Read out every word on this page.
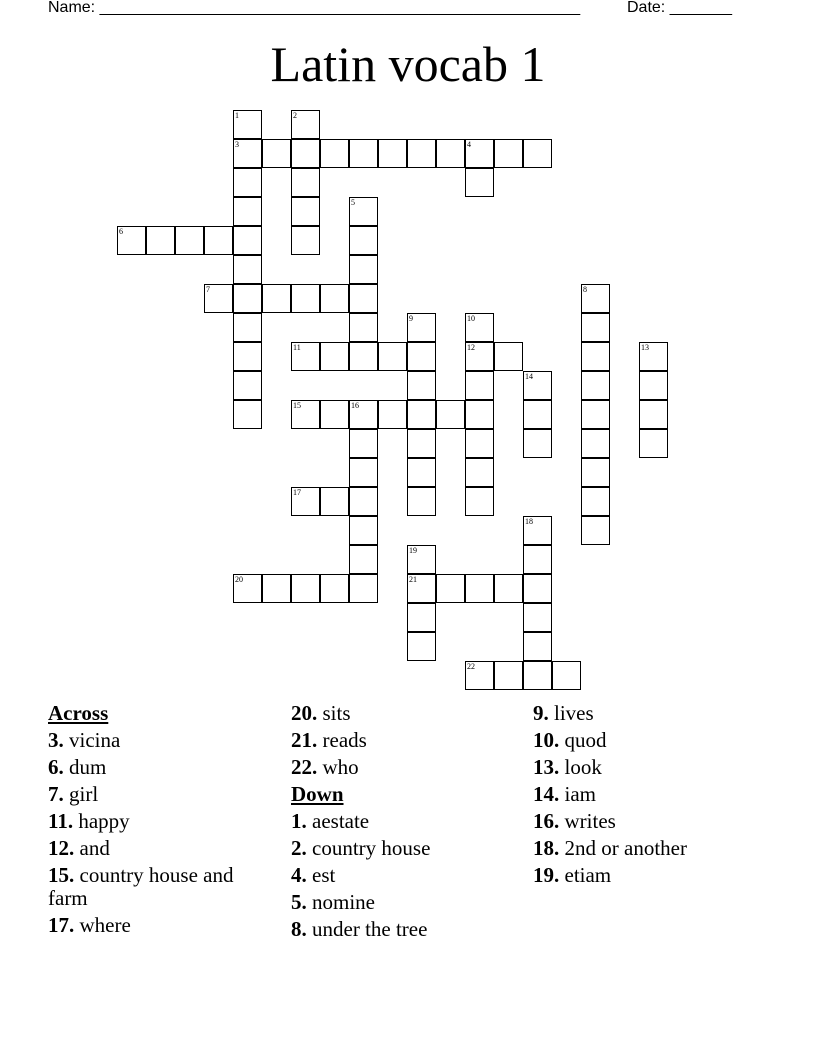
Name: ______________________________________________________	Date: _______
Latin vocab 1
1
3
2
4
5
6
7	8
9	10
12
11	13
14
15	16
17
18
19
21
20
22
Across
3. vicina
6. dum
7. girl
11. happy
12. and
15. country house and farm
17. where
20. sits
21. reads
22. who
Down
1. aestate
2. country house
4. est
5. nomine
8. under the tree
9. lives
10. quod
13. look
14. iam
16. writes
18. 2nd or another
19. etiam
